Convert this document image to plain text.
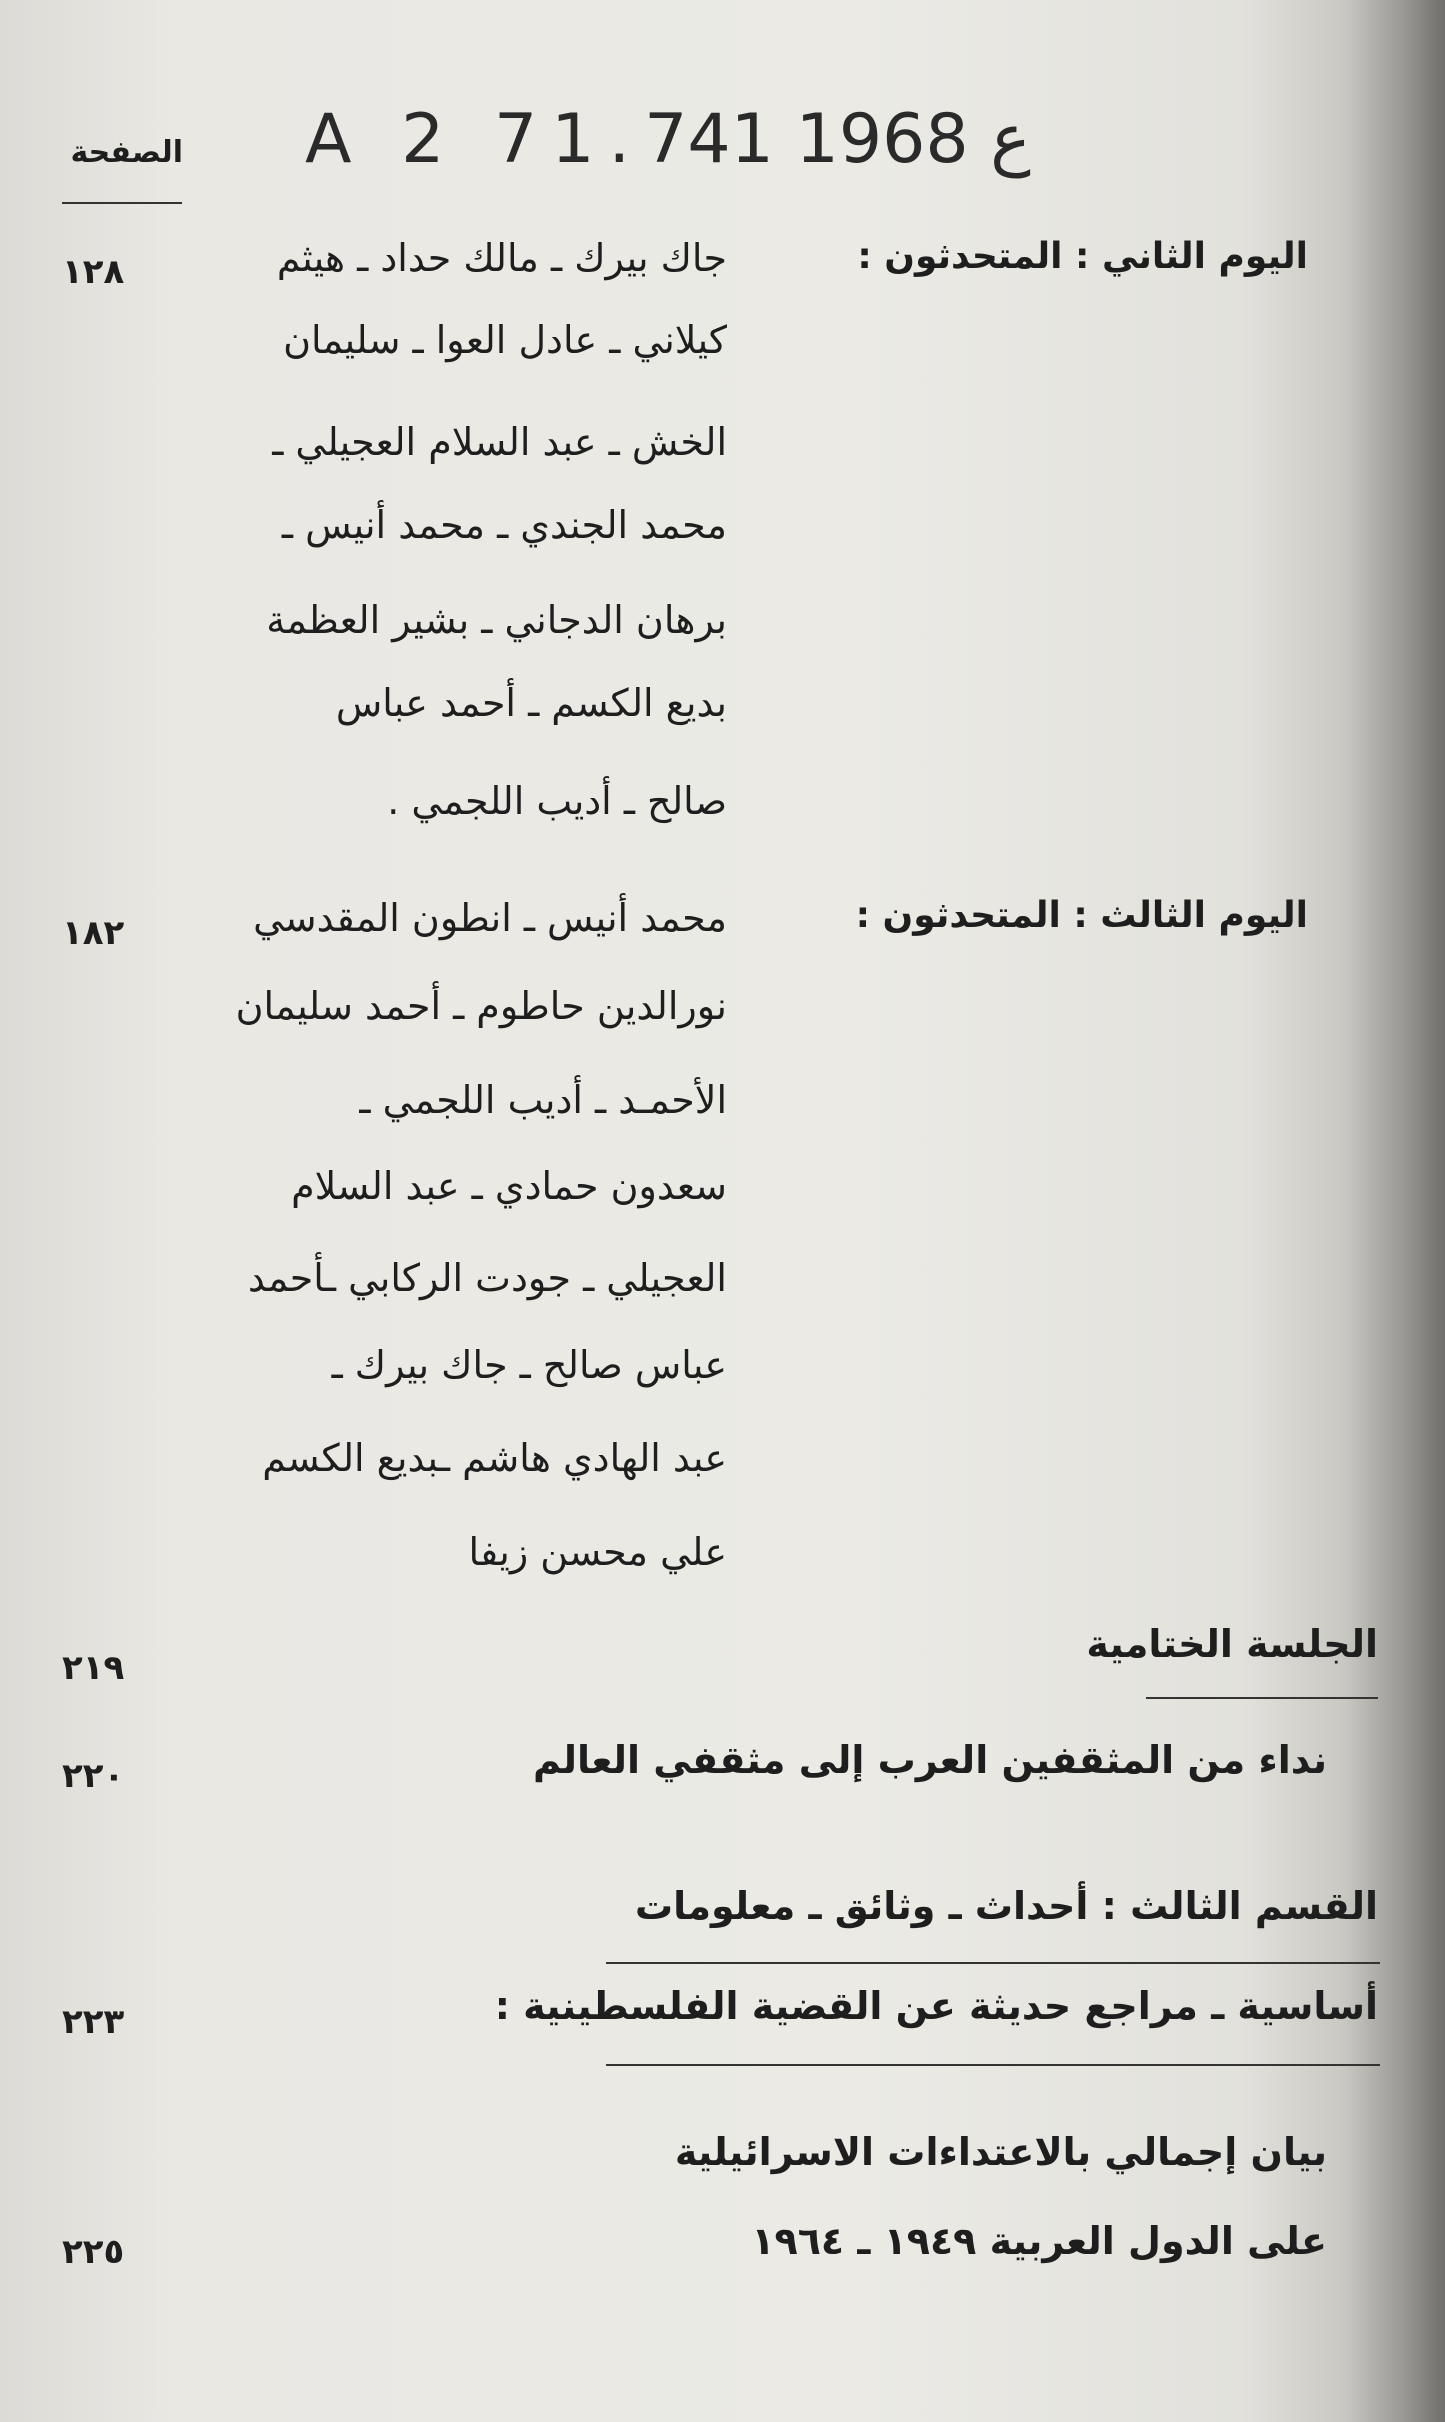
A 2 71.ع 1968 741
الصفحة
اليوم الثاني : المتحدثون :
١٢٨	جاك بيرك ـ مالك حداد ـ هيثم
كيلاني ـ عادل العوا ـ سليمان
الخش ـ عبد السلام العجيلي ـ
محمد الجندي ـ محمد أنيس ـ
برهان الدجاني ـ بشير العظمة
بديع الكسم ـ أحمد عباس
صالح ـ أديب اللجمي .
اليوم الثالث : المتحدثون :
١٨٢	محمد أنيس ـ انطون المقدسي
نورالدين حاطوم ـ أحمد سليمان
الأحمـد ـ أديب اللجمي ـ
سعدون حمادي ـ عبد السلام
العجيلي ـ جودت الركابي ـأحمد
عباس صالح ـ جاك بيرك ـ
عبد الهادي هاشم ـبديع الكسم
علي محسن زيفا
الجلسة الختامية
٢١٩
نداء من المثقفين العرب إلى مثقفي العالم
٢٢٠
القسم الثالث : أحداث ـ وثائق ـ معلومات
أساسية ـ مراجع حديثة عن القضية الفلسطينية :
٢٢٣
بيان إجمالي بالاعتداءات الاسرائيلية
على الدول العربية ١٩٤٩ ـ ١٩٦٤
٢٢٥
